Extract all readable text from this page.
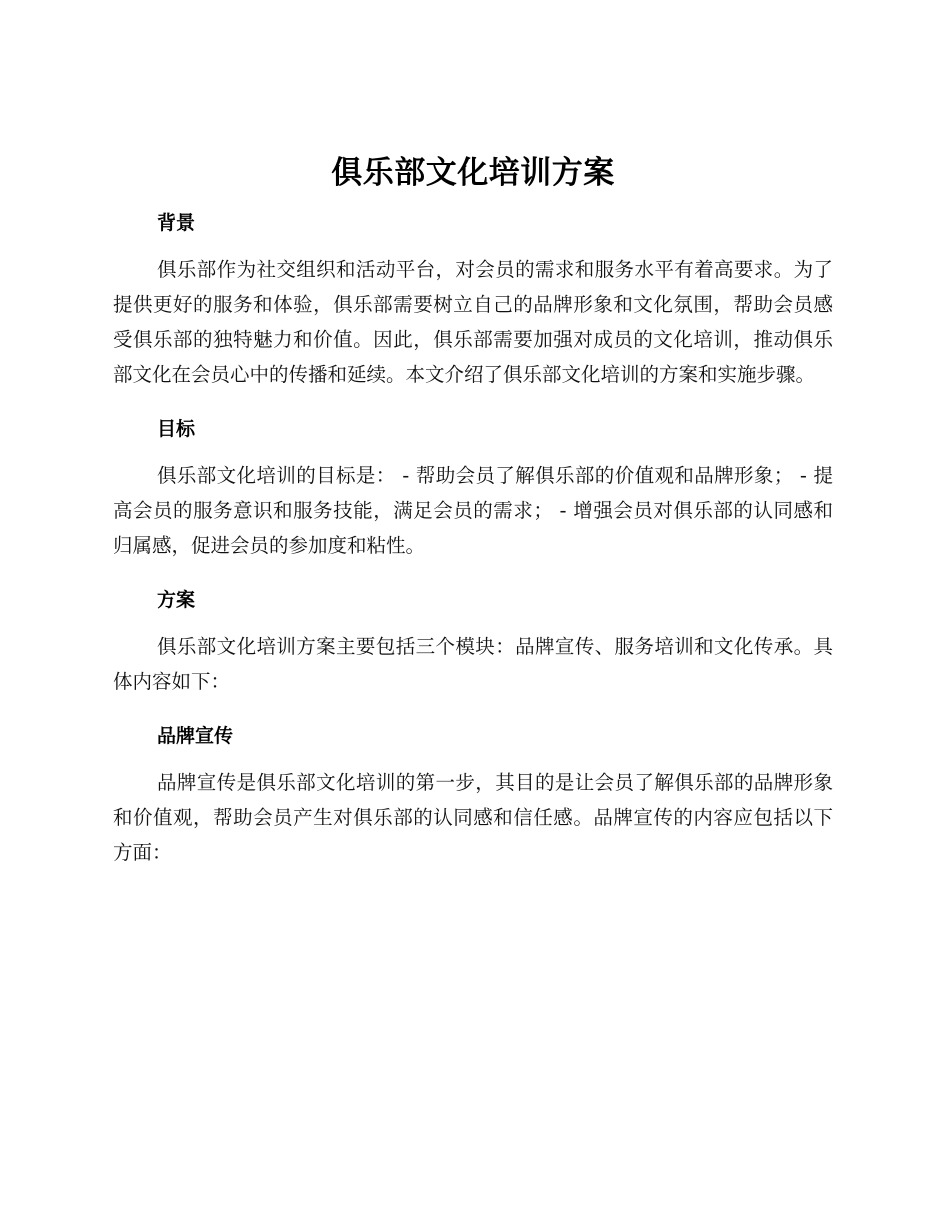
俱乐部文化培训方案
背景

俱乐部作为社交组织和活动平台，对会员的需求和服务水平有着高要求。为了提供更好的服务和体验，俱乐部需要树立自己的品牌形象和文化氛围，帮助会员感受俱乐部的独特魅力和价值。因此，俱乐部需要加强对成员的文化培训，推动俱乐部文化在会员心中的传播和延续。本文介绍了俱乐部文化培训的方案和实施步骤。

目标

俱乐部文化培训的目标是： - 帮助会员了解俱乐部的价值观和品牌形象； - 提高会员的服务意识和服务技能，满足会员的需求； - 增强会员对俱乐部的认同感和归属感，促进会员的参加度和粘性。

方案

俱乐部文化培训方案主要包括三个模块：品牌宣传、服务培训和文化传承。具体内容如下：

品牌宣传

品牌宣传是俱乐部文化培训的第一步，其目的是让会员了解俱乐部的品牌形象和价值观，帮助会员产生对俱乐部的认同感和信任感。品牌宣传的内容应包括以下方面：
